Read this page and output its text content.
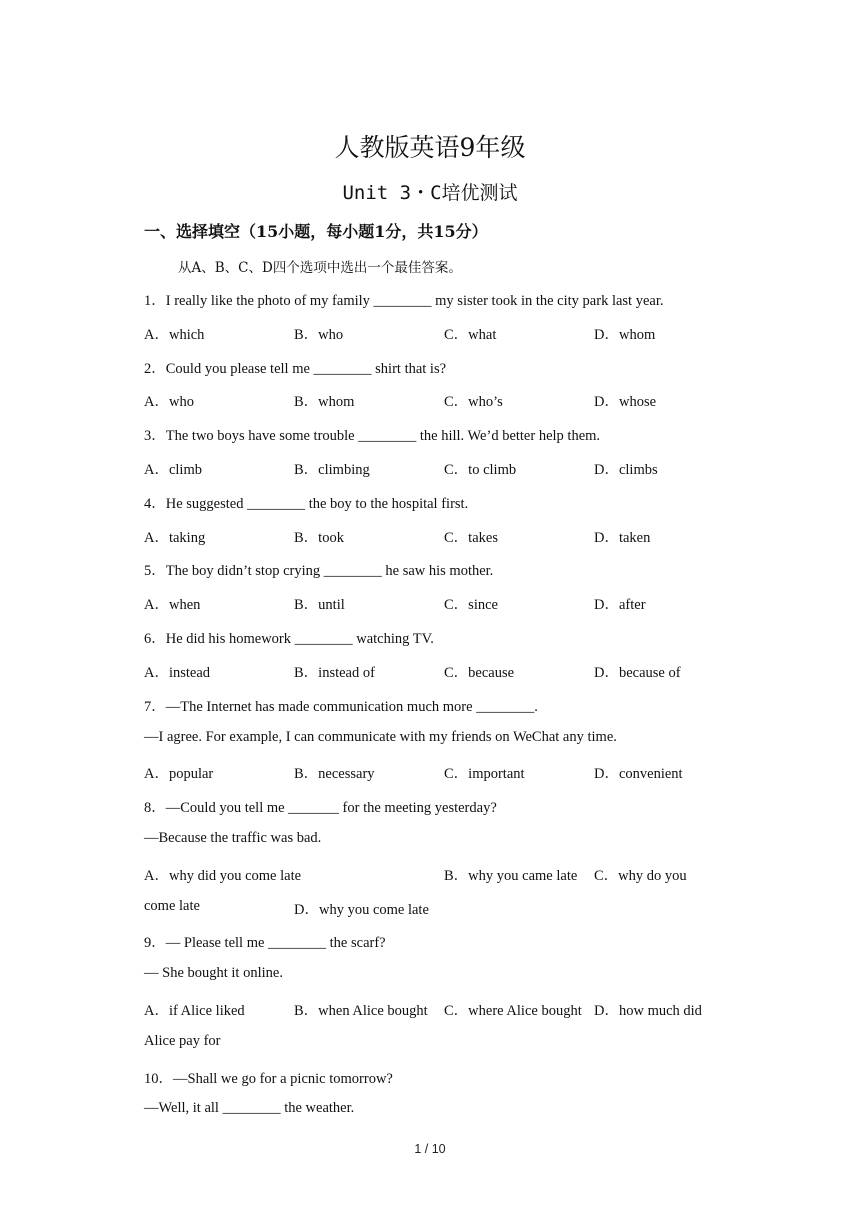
人教版英语9年级
Unit 3・C培优测试
一、选择填空（15小题，每小题1分，共15分）
从A、B、C、D四个选项中选出一个最佳答案。
1．I really like the photo of my family ________ my sister took in the city park last year.
A．which	B．who	C．what	D．whom
2．Could you please tell me ________ shirt that is?
A．who	B．whom	C．who’s	D．whose
3．The two boys have some trouble ________ the hill. We’d better help them.
A．climb	B．climbing	C．to climb	D．climbs
4．He suggested ________ the boy to the hospital first.
A．taking	B．took	C．takes	D．taken
5．The boy didn’t stop crying ________ he saw his mother.
A．when	B．until	C．since	D．after
6．He did his homework ________ watching TV.
A．instead	B．instead of	C．because	D．because of
7．—The Internet has made communication much more ________.
—I agree. For example, I can communicate with my friends on WeChat any time.
A．popular	B．necessary	C．important	D．convenient
8．—Could you tell me _______ for the meeting yesterday?
—Because the traffic was bad.
A．why did you come late	B．why you came late C．why do you
come late	D．why you come late
9．— Please tell me ________ the scarf?
— She bought it online.
A．if Alice liked	B．when Alice bought C．where Alice bought D．how much did
Alice pay for
10．—Shall we go for a picnic tomorrow?
—Well, it all ________ the weather.
1 / 10
